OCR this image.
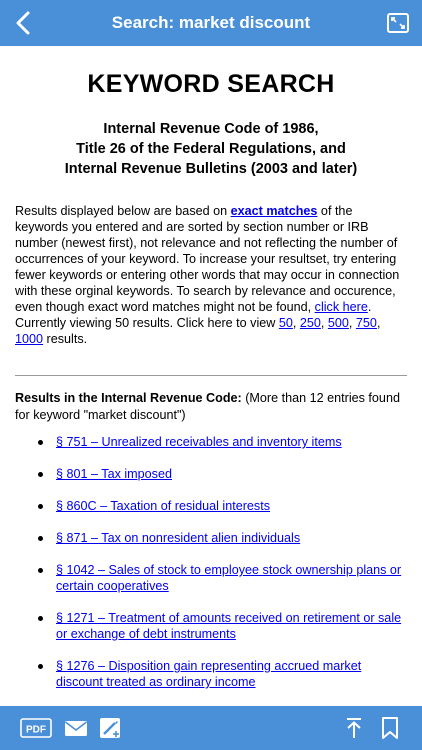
Search: market discount
KEYWORD SEARCH
Internal Revenue Code of 1986,
Title 26 of the Federal Regulations, and
Internal Revenue Bulletins (2003 and later)
Results displayed below are based on exact matches of the keywords you entered and are sorted by section number or IRB number (newest first), not relevance and not reflecting the number of occurrences of your keyword. To increase your resultset, try entering fewer keywords or entering other words that may occur in connection with these orginal keywords. To search by relevance and occurence, even though exact word matches might not be found, click here. Currently viewing 50 results. Click here to view 50, 250, 500, 750, 1000 results.
Results in the Internal Revenue Code: (More than 12 entries found for keyword "market discount")
§ 751 – Unrealized receivables and inventory items
§ 801 – Tax imposed
§ 860C – Taxation of residual interests
§ 871 – Tax on nonresident alien individuals
§ 1042 – Sales of stock to employee stock ownership plans or certain cooperatives
§ 1271 – Treatment of amounts received on retirement or sale or exchange of debt instruments
§ 1276 – Disposition gain representing accrued market discount treated as ordinary income
PDF
